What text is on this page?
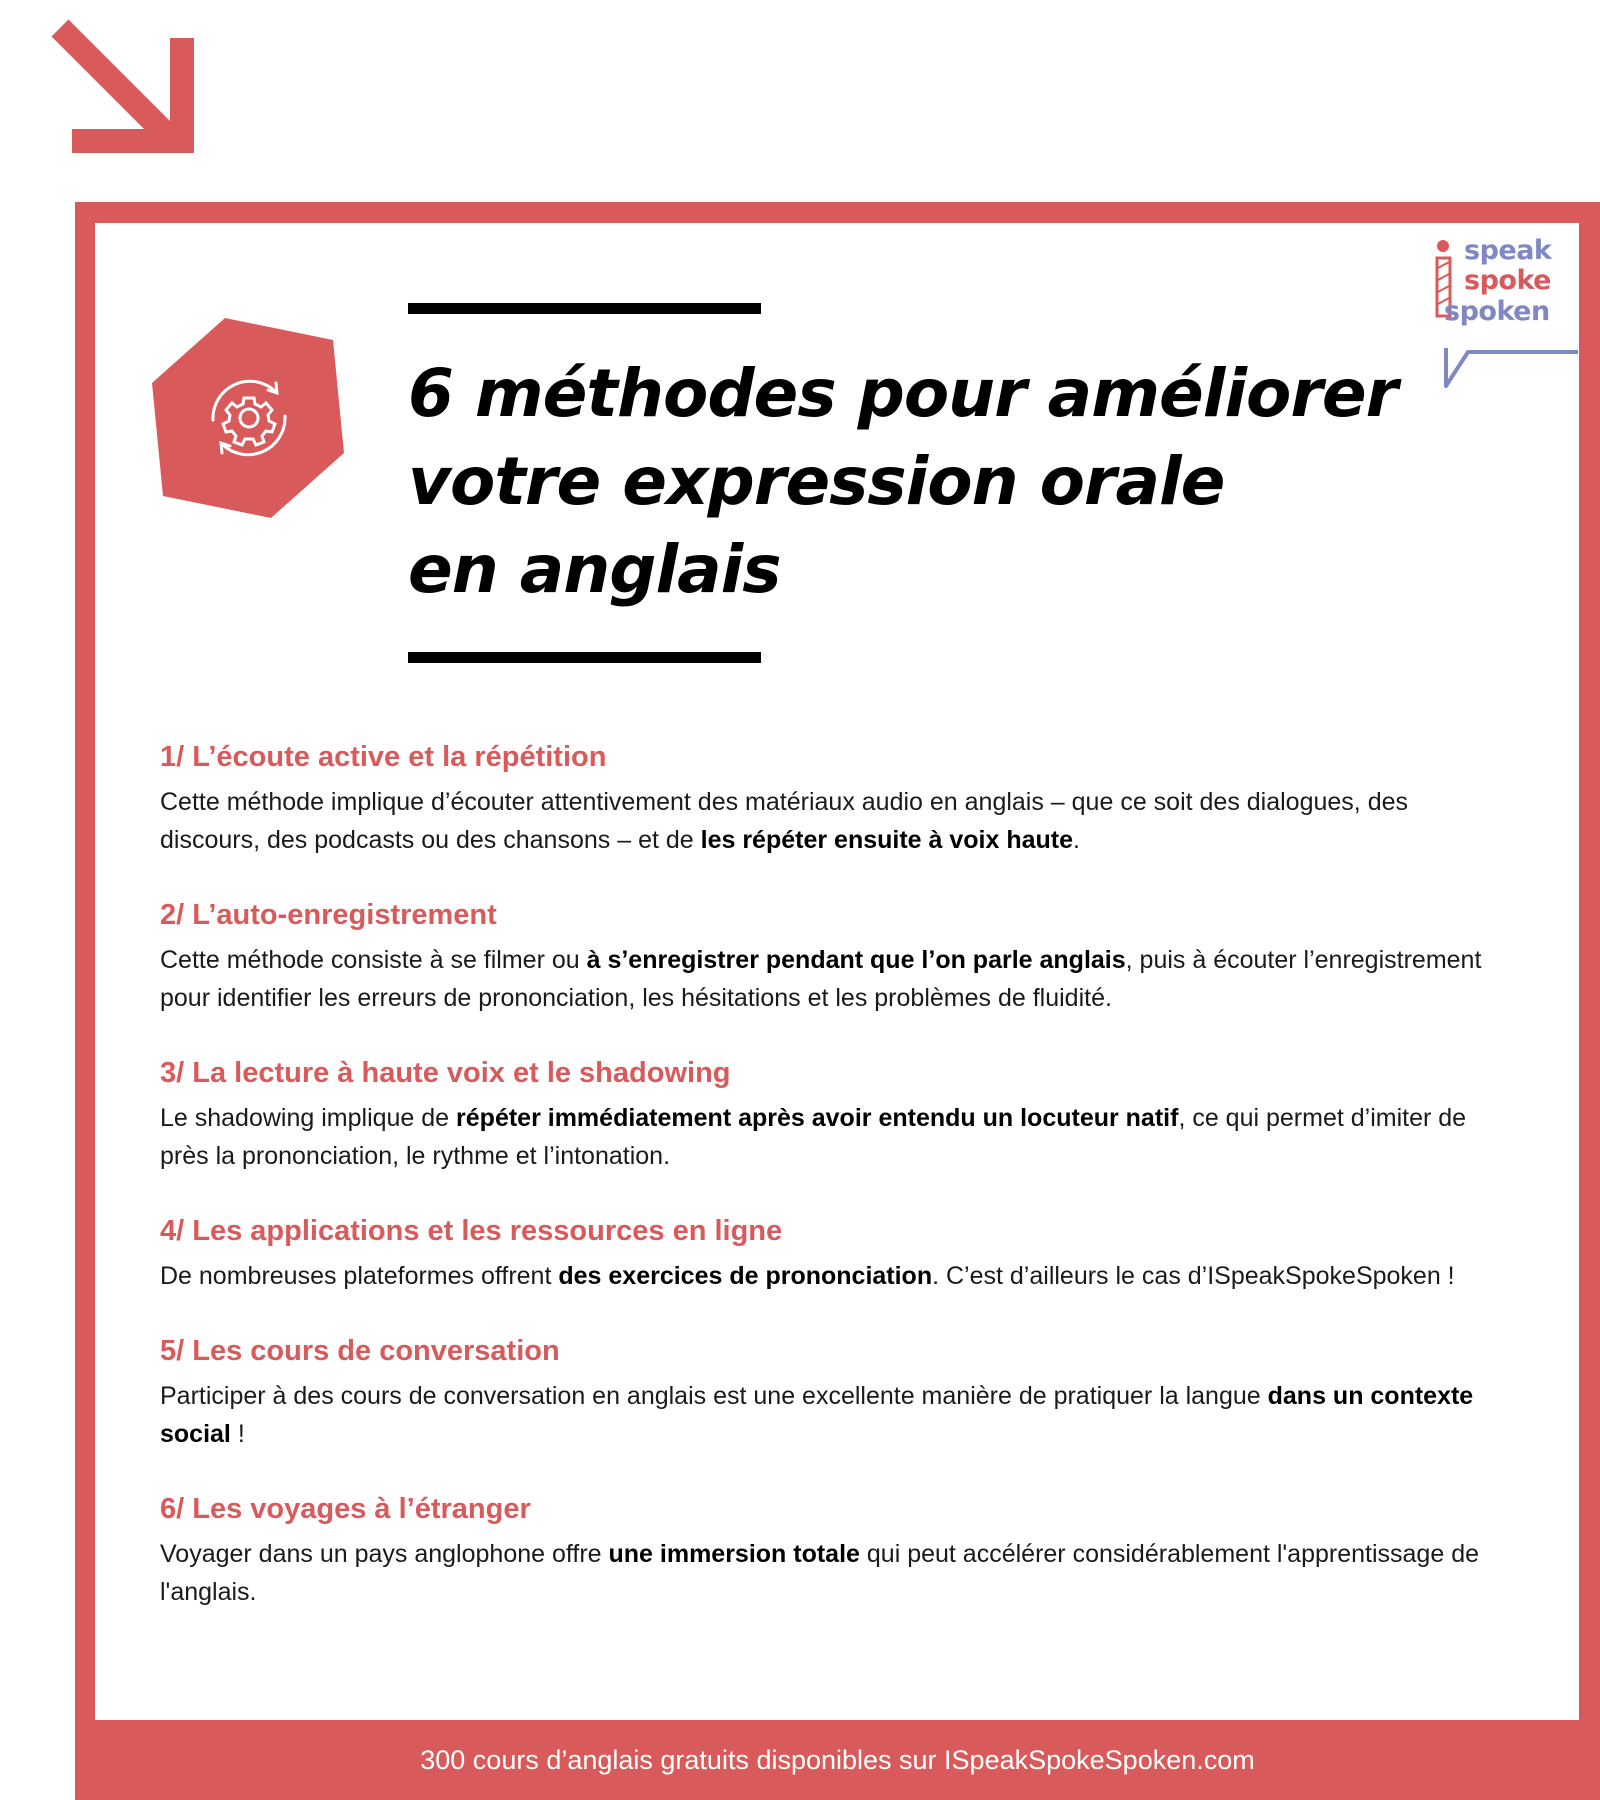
6 méthodes pour améliorer
votre expression orale
en anglais
speak
spoke
spoken
1/ L’écoute active et la répétition

Cette méthode implique d’écouter attentivement des matériaux audio en anglais – que ce soit des dialogues, des discours, des podcasts ou des chansons – et de les répéter ensuite à voix haute.

2/ L’auto-enregistrement

Cette méthode consiste à se filmer ou à s’enregistrer pendant que l’on parle anglais, puis à écouter l’enregistrement pour identifier les erreurs de prononciation, les hésitations et les problèmes de fluidité.

3/ La lecture à haute voix et le shadowing

Le shadowing implique de répéter immédiatement après avoir entendu un locuteur natif, ce qui permet d’imiter de près la prononciation, le rythme et l’intonation.

4/ Les applications et les ressources en ligne

De nombreuses plateformes offrent des exercices de prononciation. C’est d’ailleurs le cas d’ISpeakSpokeSpoken !

5/ Les cours de conversation

Participer à des cours de conversation en anglais est une excellente manière de pratiquer la langue dans un contexte social !

6/ Les voyages à l’étranger

Voyager dans un pays anglophone offre une immersion totale qui peut accélérer considérablement l'apprentissage de l'anglais.

300 cours d’anglais gratuits disponibles sur ISpeakSpokeSpoken.com
